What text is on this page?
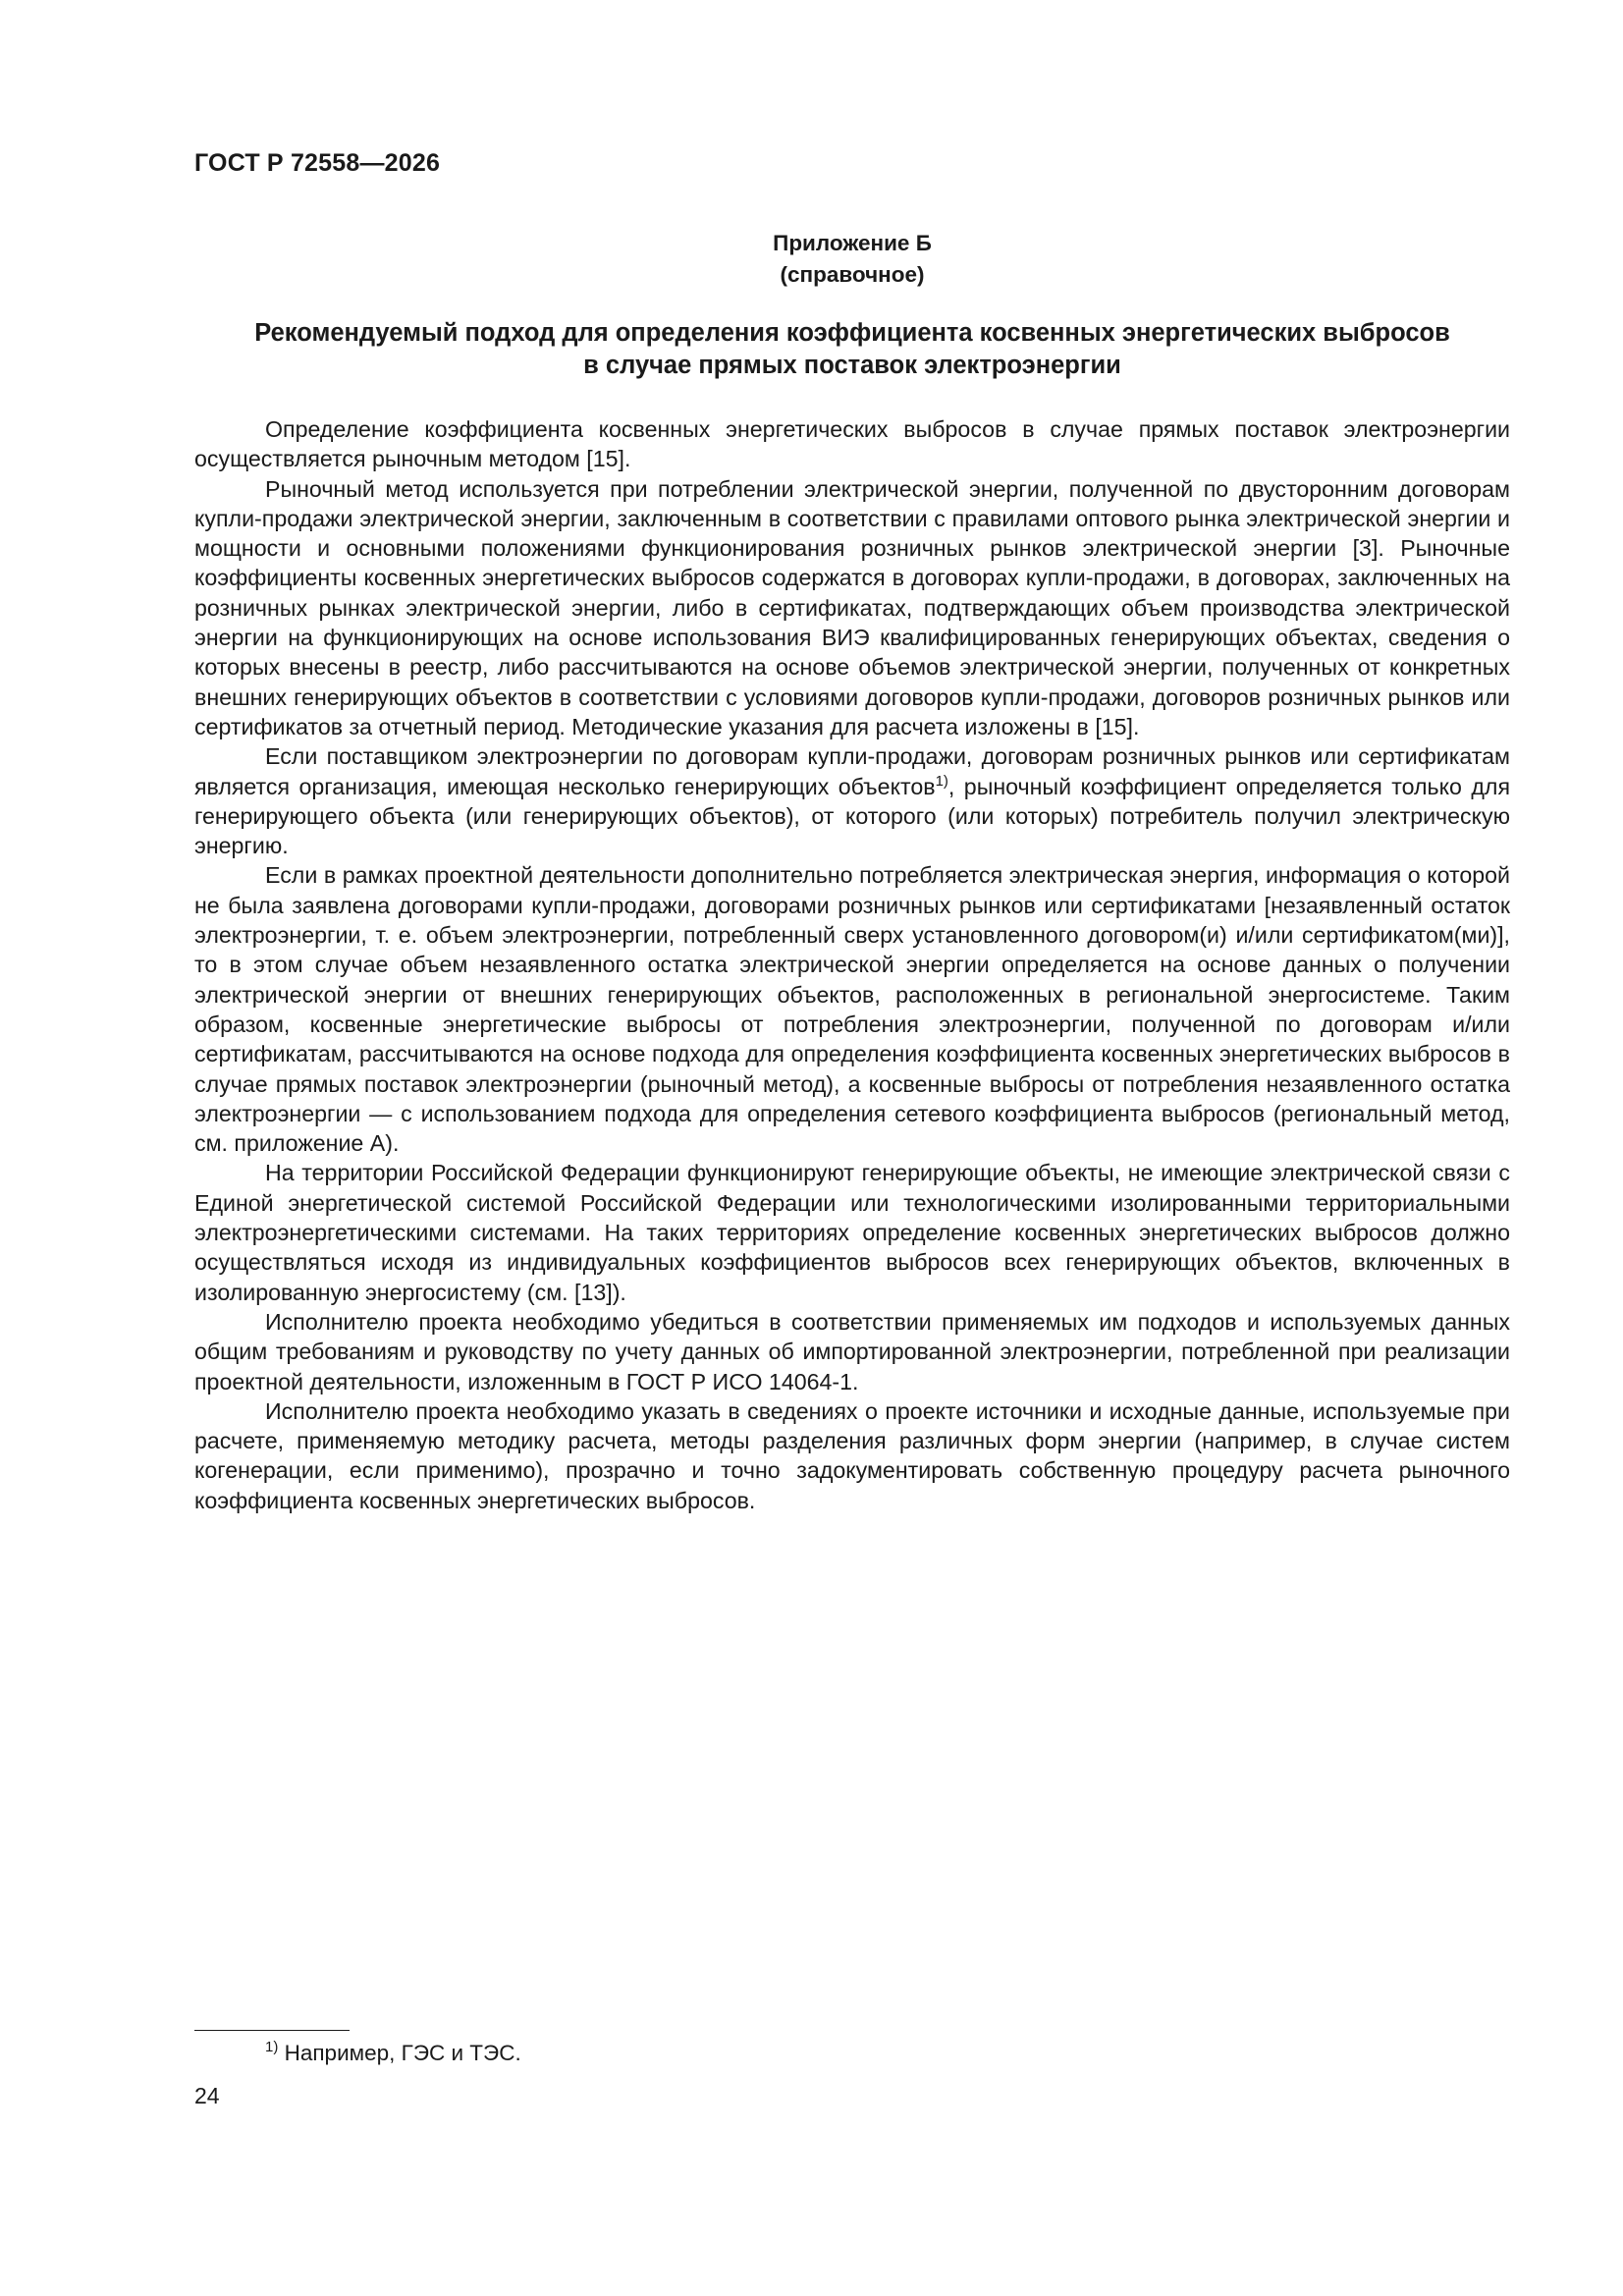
ГОСТ Р 72558—2026
Приложение Б
(справочное)
Рекомендуемый подход для определения коэффициента косвенных энергетических выбросов
в случае прямых поставок электроэнергии

Определение коэффициента косвенных энергетических выбросов в случае прямых поставок электроэнергии осуществляется рыночным методом [15].

Рыночный метод используется при потреблении электрической энергии, полученной по двусторонним договорам купли-продажи электрической энергии, заключенным в соответствии с правилами оптового рынка электрической энергии и мощности и основными положениями функционирования розничных рынков электрической энергии [3]. Рыночные коэффициенты косвенных энергетических выбросов содержатся в договорах купли-продажи, в договорах, заключенных на розничных рынках электрической энергии, либо в сертификатах, подтверждающих объем производства электрической энергии на функционирующих на основе использования ВИЭ квалифицированных генерирующих объектах, сведения о которых внесены в реестр, либо рассчитываются на основе объемов электрической энергии, полученных от конкретных внешних генерирующих объектов в соответствии с условиями договоров купли-продажи, договоров розничных рынков или сертификатов за отчетный период. Методические указания для расчета изложены в [15].

Если поставщиком электроэнергии по договорам купли-продажи, договорам розничных рынков или сертификатам является организация, имеющая несколько генерирующих объектов$^{1)}$, рыночный коэффициент определяется только для генерирующего объекта (или генерирующих объектов), от которого (или которых) потребитель получил электрическую энергию.

Если в рамках проектной деятельности дополнительно потребляется электрическая энергия, информация о которой не была заявлена договорами купли-продажи, договорами розничных рынков или сертификатами [незаявленный остаток электроэнергии, т. е. объем электроэнергии, потребленный сверх установленного договором(и) и/или сертификатом(ми)], то в этом случае объем незаявленного остатка электрической энергии определяется на основе данных о получении электрической энергии от внешних генерирующих объектов, расположенных в региональной энергосистеме. Таким образом, косвенные энергетические выбросы от потребления электроэнергии, полученной по договорам и/или сертификатам, рассчитываются на основе подхода для определения коэффициента косвенных энергетических выбросов в случае прямых поставок электроэнергии (рыночный метод), а косвенные выбросы от потребления незаявленного остатка электроэнергии — с использованием подхода для определения сетевого коэффициента выбросов (региональный метод, см. приложение А).

На территории Российской Федерации функционируют генерирующие объекты, не имеющие электрической связи с Единой энергетической системой Российской Федерации или технологическими изолированными территориальными электроэнергетическими системами. На таких территориях определение косвенных энергетических выбросов должно осуществляться исходя из индивидуальных коэффициентов выбросов всех генерирующих объектов, включенных в изолированную энергосистему (см. [13]).

Исполнителю проекта необходимо убедиться в соответствии применяемых им подходов и используемых данных общим требованиям и руководству по учету данных об импортированной электроэнергии, потребленной при реализации проектной деятельности, изложенным в ГОСТ Р ИСО 14064-1.

Исполнителю проекта необходимо указать в сведениях о проекте источники и исходные данные, используемые при расчете, применяемую методику расчета, методы разделения различных форм энергии (например, в случае систем когенерации, если применимо), прозрачно и точно задокументировать собственную процедуру расчета рыночного коэффициента косвенных энергетических выбросов.

$^{1)}$ Например, ГЭС и ТЭС.
24
